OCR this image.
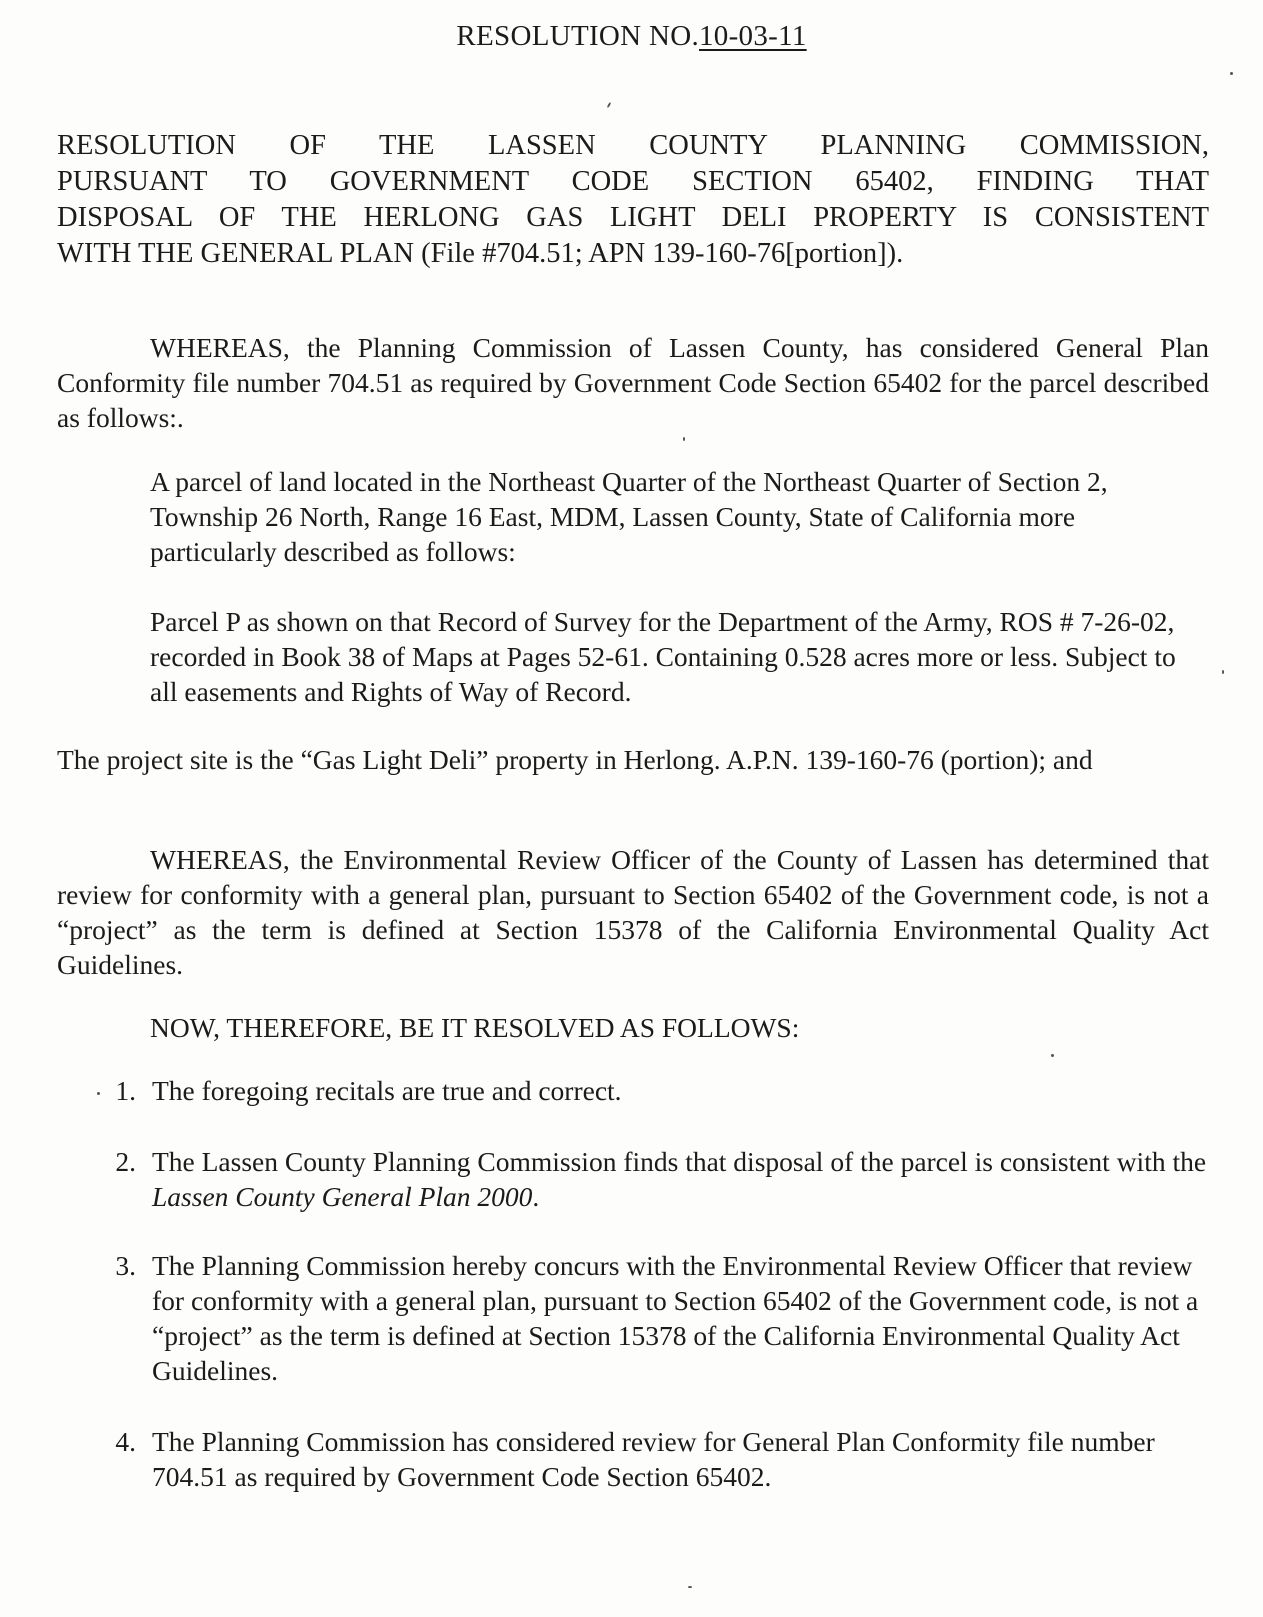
RESOLUTION NO.10-03-11
RESOLUTION OF THE LASSEN COUNTY PLANNING COMMISSION,
PURSUANT TO GOVERNMENT CODE SECTION 65402, FINDING THAT
DISPOSAL OF THE HERLONG GAS LIGHT DELI PROPERTY IS CONSISTENT
WITH THE GENERAL PLAN (File #704.51; APN 139-160-76[portion]).

WHEREAS, the Planning Commission of Lassen County, has considered General Plan Conformity file number 704.51 as required by Government Code Section 65402 for the parcel described as follows:.

A parcel of land located in the Northeast Quarter of the Northeast Quarter of Section 2, Township 26 North, Range 16 East, MDM, Lassen County, State of California more particularly described as follows:

Parcel P as shown on that Record of Survey for the Department of the Army, ROS # 7-26-02, recorded in Book 38 of Maps at Pages 52-61. Containing 0.528 acres more or less. Subject to all easements and Rights of Way of Record.

The project site is the “Gas Light Deli” property in Herlong. A.P.N. 139-160-76 (portion); and

WHEREAS, the Environmental Review Officer of the County of Lassen has determined that review for conformity with a general plan, pursuant to Section 65402 of the Government code, is not a “project” as the term is defined at Section 15378 of the California Environmental Quality Act Guidelines.

NOW, THEREFORE, BE IT RESOLVED AS FOLLOWS:

1. The foregoing recitals are true and correct.
2. The Lassen County Planning Commission finds that disposal of the parcel is consistent with the Lassen County General Plan 2000.
3. The Planning Commission hereby concurs with the Environmental Review Officer that review for conformity with a general plan, pursuant to Section 65402 of the Government code, is not a “project” as the term is defined at Section 15378 of the California Environmental Quality Act Guidelines.
4. The Planning Commission has considered review for General Plan Conformity file number 704.51 as required by Government Code Section 65402.
